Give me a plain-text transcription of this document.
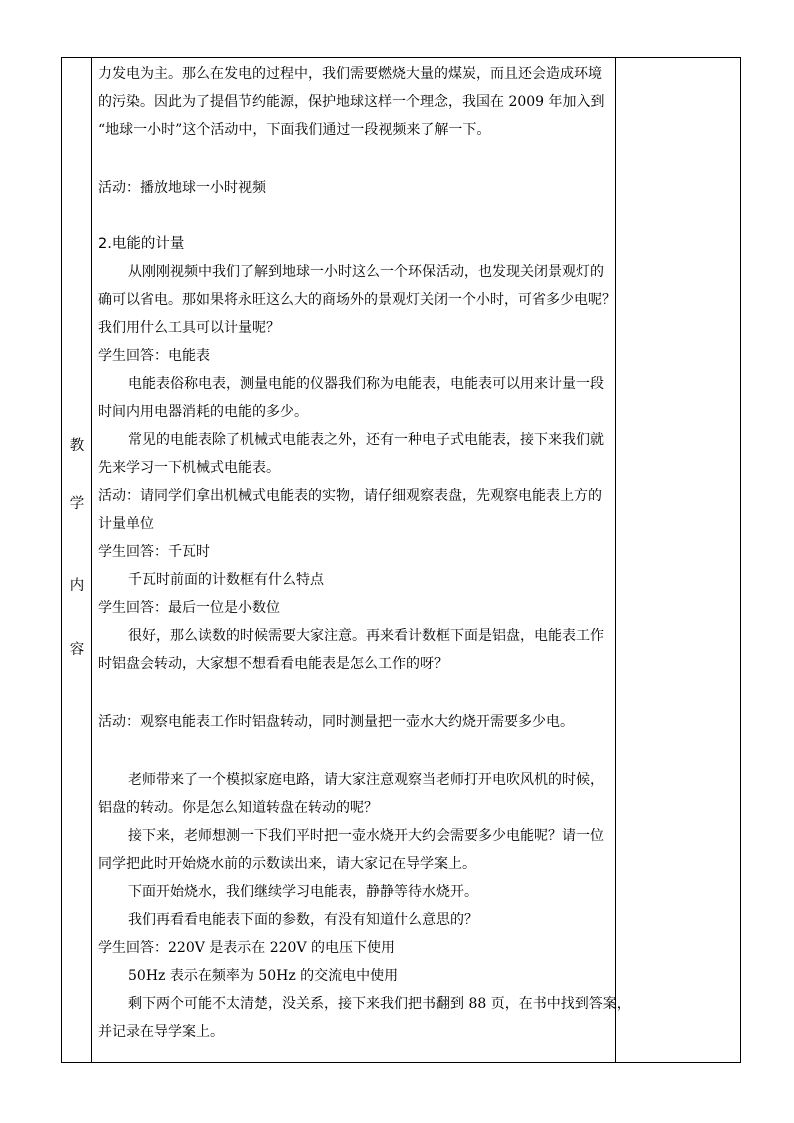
教
学
内
容
力发电为主。那么在发电的过程中，我们需要燃烧大量的煤炭，而且还会造成环境
的污染。因此为了提倡节约能源，保护地球这样一个理念，我国在 2009 年加入到
“地球一小时”这个活动中，下面我们通过一段视频来了解一下。
活动：播放地球一小时视频
2.电能的计量
从刚刚视频中我们了解到地球一小时这么一个环保活动，也发现关闭景观灯的
确可以省电。那如果将永旺这么大的商场外的景观灯关闭一个小时，可省多少电呢？
我们用什么工具可以计量呢？
学生回答：电能表
电能表俗称电表，测量电能的仪器我们称为电能表，电能表可以用来计量一段
时间内用电器消耗的电能的多少。
常见的电能表除了机械式电能表之外，还有一种电子式电能表，接下来我们就
先来学习一下机械式电能表。
活动：请同学们拿出机械式电能表的实物，请仔细观察表盘，先观察电能表上方的
计量单位
学生回答：千瓦时
千瓦时前面的计数框有什么特点
学生回答：最后一位是小数位
很好，那么读数的时候需要大家注意。再来看计数框下面是铝盘，电能表工作
时铝盘会转动，大家想不想看看电能表是怎么工作的呀？
活动：观察电能表工作时铝盘转动，同时测量把一壶水大约烧开需要多少电。
老师带来了一个模拟家庭电路，请大家注意观察当老师打开电吹风机的时候，
铝盘的转动。你是怎么知道转盘在转动的呢？
接下来，老师想测一下我们平时把一壶水烧开大约会需要多少电能呢？请一位
同学把此时开始烧水前的示数读出来，请大家记在导学案上。
下面开始烧水，我们继续学习电能表，静静等待水烧开。
我们再看看电能表下面的参数，有没有知道什么意思的？
学生回答：220V 是表示在 220V 的电压下使用
50Hz 表示在频率为 50Hz 的交流电中使用
剩下两个可能不太清楚，没关系，接下来我们把书翻到 88 页，在书中找到答案，
并记录在导学案上。
